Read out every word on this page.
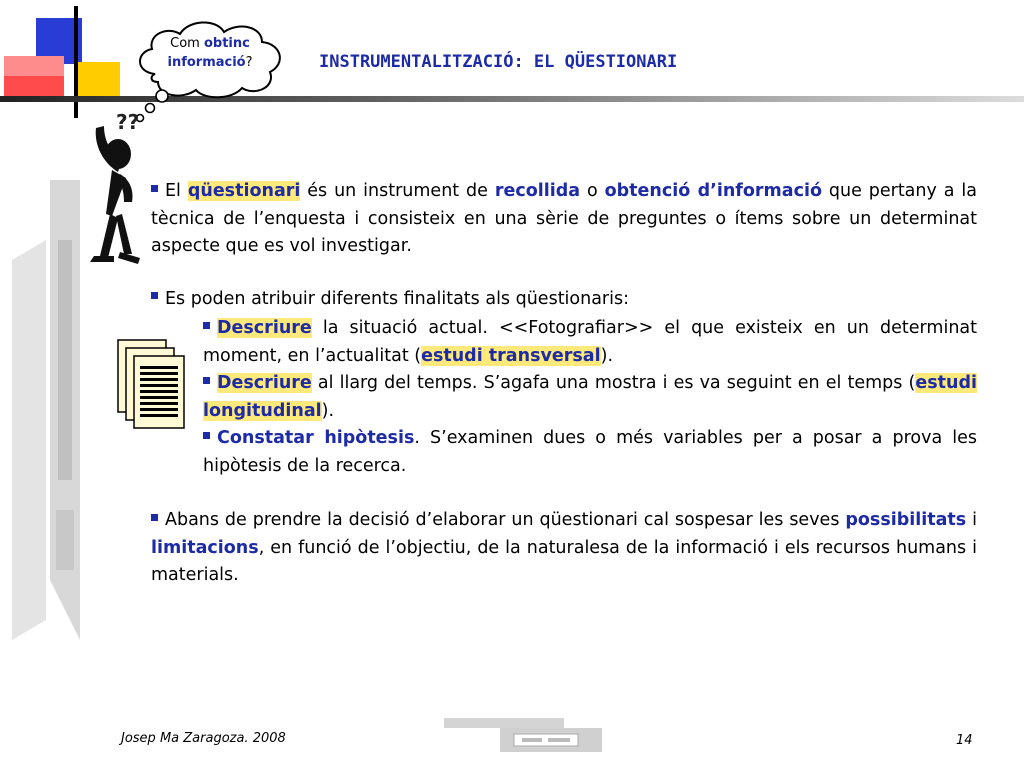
Com obtinc
informació?
??
INSTRUMENTALITZACIÓ: EL QÜESTIONARI

El qüestionari és un instrument de recollida o obtenció d’informació que pertany a la tècnica de l’enquesta i consisteix en una sèrie de preguntes o ítems sobre un determinat aspecte que es vol investigar.

Es poden atribuir diferents finalitats als qüestionaris:

Descriure la situació actual. <<Fotografiar>> el que existeix en un determinat moment, en l’actualitat (estudi transversal).
Descriure al llarg del temps. S’agafa una mostra i es va seguint en el temps (estudi longitudinal).
Constatar hipòtesis. S’examinen dues o més variables per a posar a prova les hipòtesis de la recerca.
Abans de prendre la decisió d’elaborar un qüestionari cal sospesar les seves possibilitats i limitacions, en funció de l’objectiu, de la naturalesa de la informació i els recursos humans i materials.
Josep Ma Zaragoza. 2008	14
